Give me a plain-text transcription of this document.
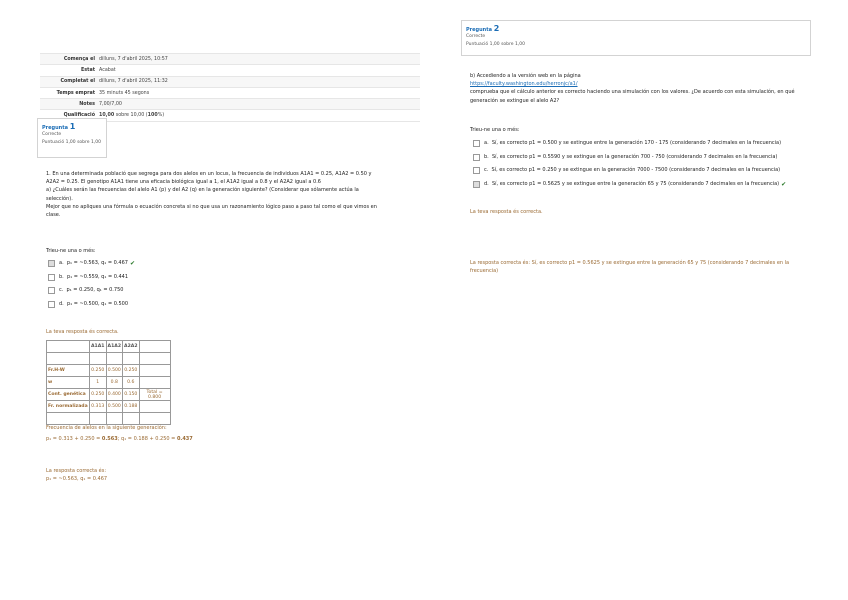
Comença el dilluns, 7 d'abril 2025, 10:57
Estat Acabat
Completat el dilluns, 7 d'abril 2025, 11:32
Temps emprat 35 minuts 45 segons
Notes 7,00/7,00
Qualificació 10,00 sobre 10,00 (100%)
Pregunta 1
Correcte
Puntuació 1,00 sobre 1,00
1. En una determinada població que segrega para dos alelos en un locus, la frecuencia de individuos A1A1 = 0.25, A1A2 = 0.50 y A2A2 = 0.25. El genotipo A1A1 tiene una eficacia biológica igual a 1, el A1A2 igual a 0.8 y el A2A2 igual a 0.6
a) ¿Cuáles serán las frecuencias del alelo A1 (p) y del A2 (q) en la generación siguiente? (Considerar que sólamente actúa la selección).
Mejor que no apliques una fórmula o ecuación concreta si no que usa un razonamiento lógico paso a paso tal como el que vimos en clase.
Trieu-ne una o més:
a.
p₁ = ~0.563, q₁ = 0.467 ✔
b.
p₁ = ~0.559, q₁ = 0.441
c.
p₁ = 0.250, q₁ = 0.750
d.
p₁ = ~0.500, q₁ = 0.500
La teva resposta és correcta.
	A1A1	A1A2	A2A2	

Fr.H-W	0.250	0.500	0.250	
w	1	0.8	0.6	
Cont. genética	0.250	0.400	0.150	Total = 0.800
Fr. normalizada	0.313	0.500	0.188	

Frecuencia de alelos en la siguiente generación:
p₁ = 0.313 + 0.250 = 0.563; q₁ = 0.188 + 0.250 = 0.437
La resposta correcta és:
p₁ = ~0.563, q₁ = 0.467
Pregunta 2
Correcte
Puntuació 1,00 sobre 1,00
b) Accediendo a la versión web en la página
https://faculty.washington.edu/herronjc/a1/
comprueba que el cálculo anterior es correcto haciendo una simulación con los valores. ¿De acuerdo con esta simulación, en qué generación se extingue el alelo A2?
Trieu-ne una o més:
a.
Sí, es correcto p1 = 0.500 y se extingue entre la generación 170 - 175 (considerando 7 decimales en la frecuencia)
b.
Sí, es correcto p1 = 0.5590 y se extingue en la generación 700 - 750 (considerando 7 decimales en la frecuencia)
c.
Sí, es correcto p1 = 0.250 y se extingue en la generación 7000 - 7500 (considerando 7 decimales en la frecuencia)
d.
Sí, es correcto p1 = 0.5625 y se extingue entre la generación 65 y 75 (considerando 7 decimales en la frecuencia) ✔
La teva resposta és correcta.
La resposta correcta és: Sí, es correcto p1 = 0.5625 y se extingue entre la generación 65 y 75 (considerando 7 decimales en la frecuencia)
